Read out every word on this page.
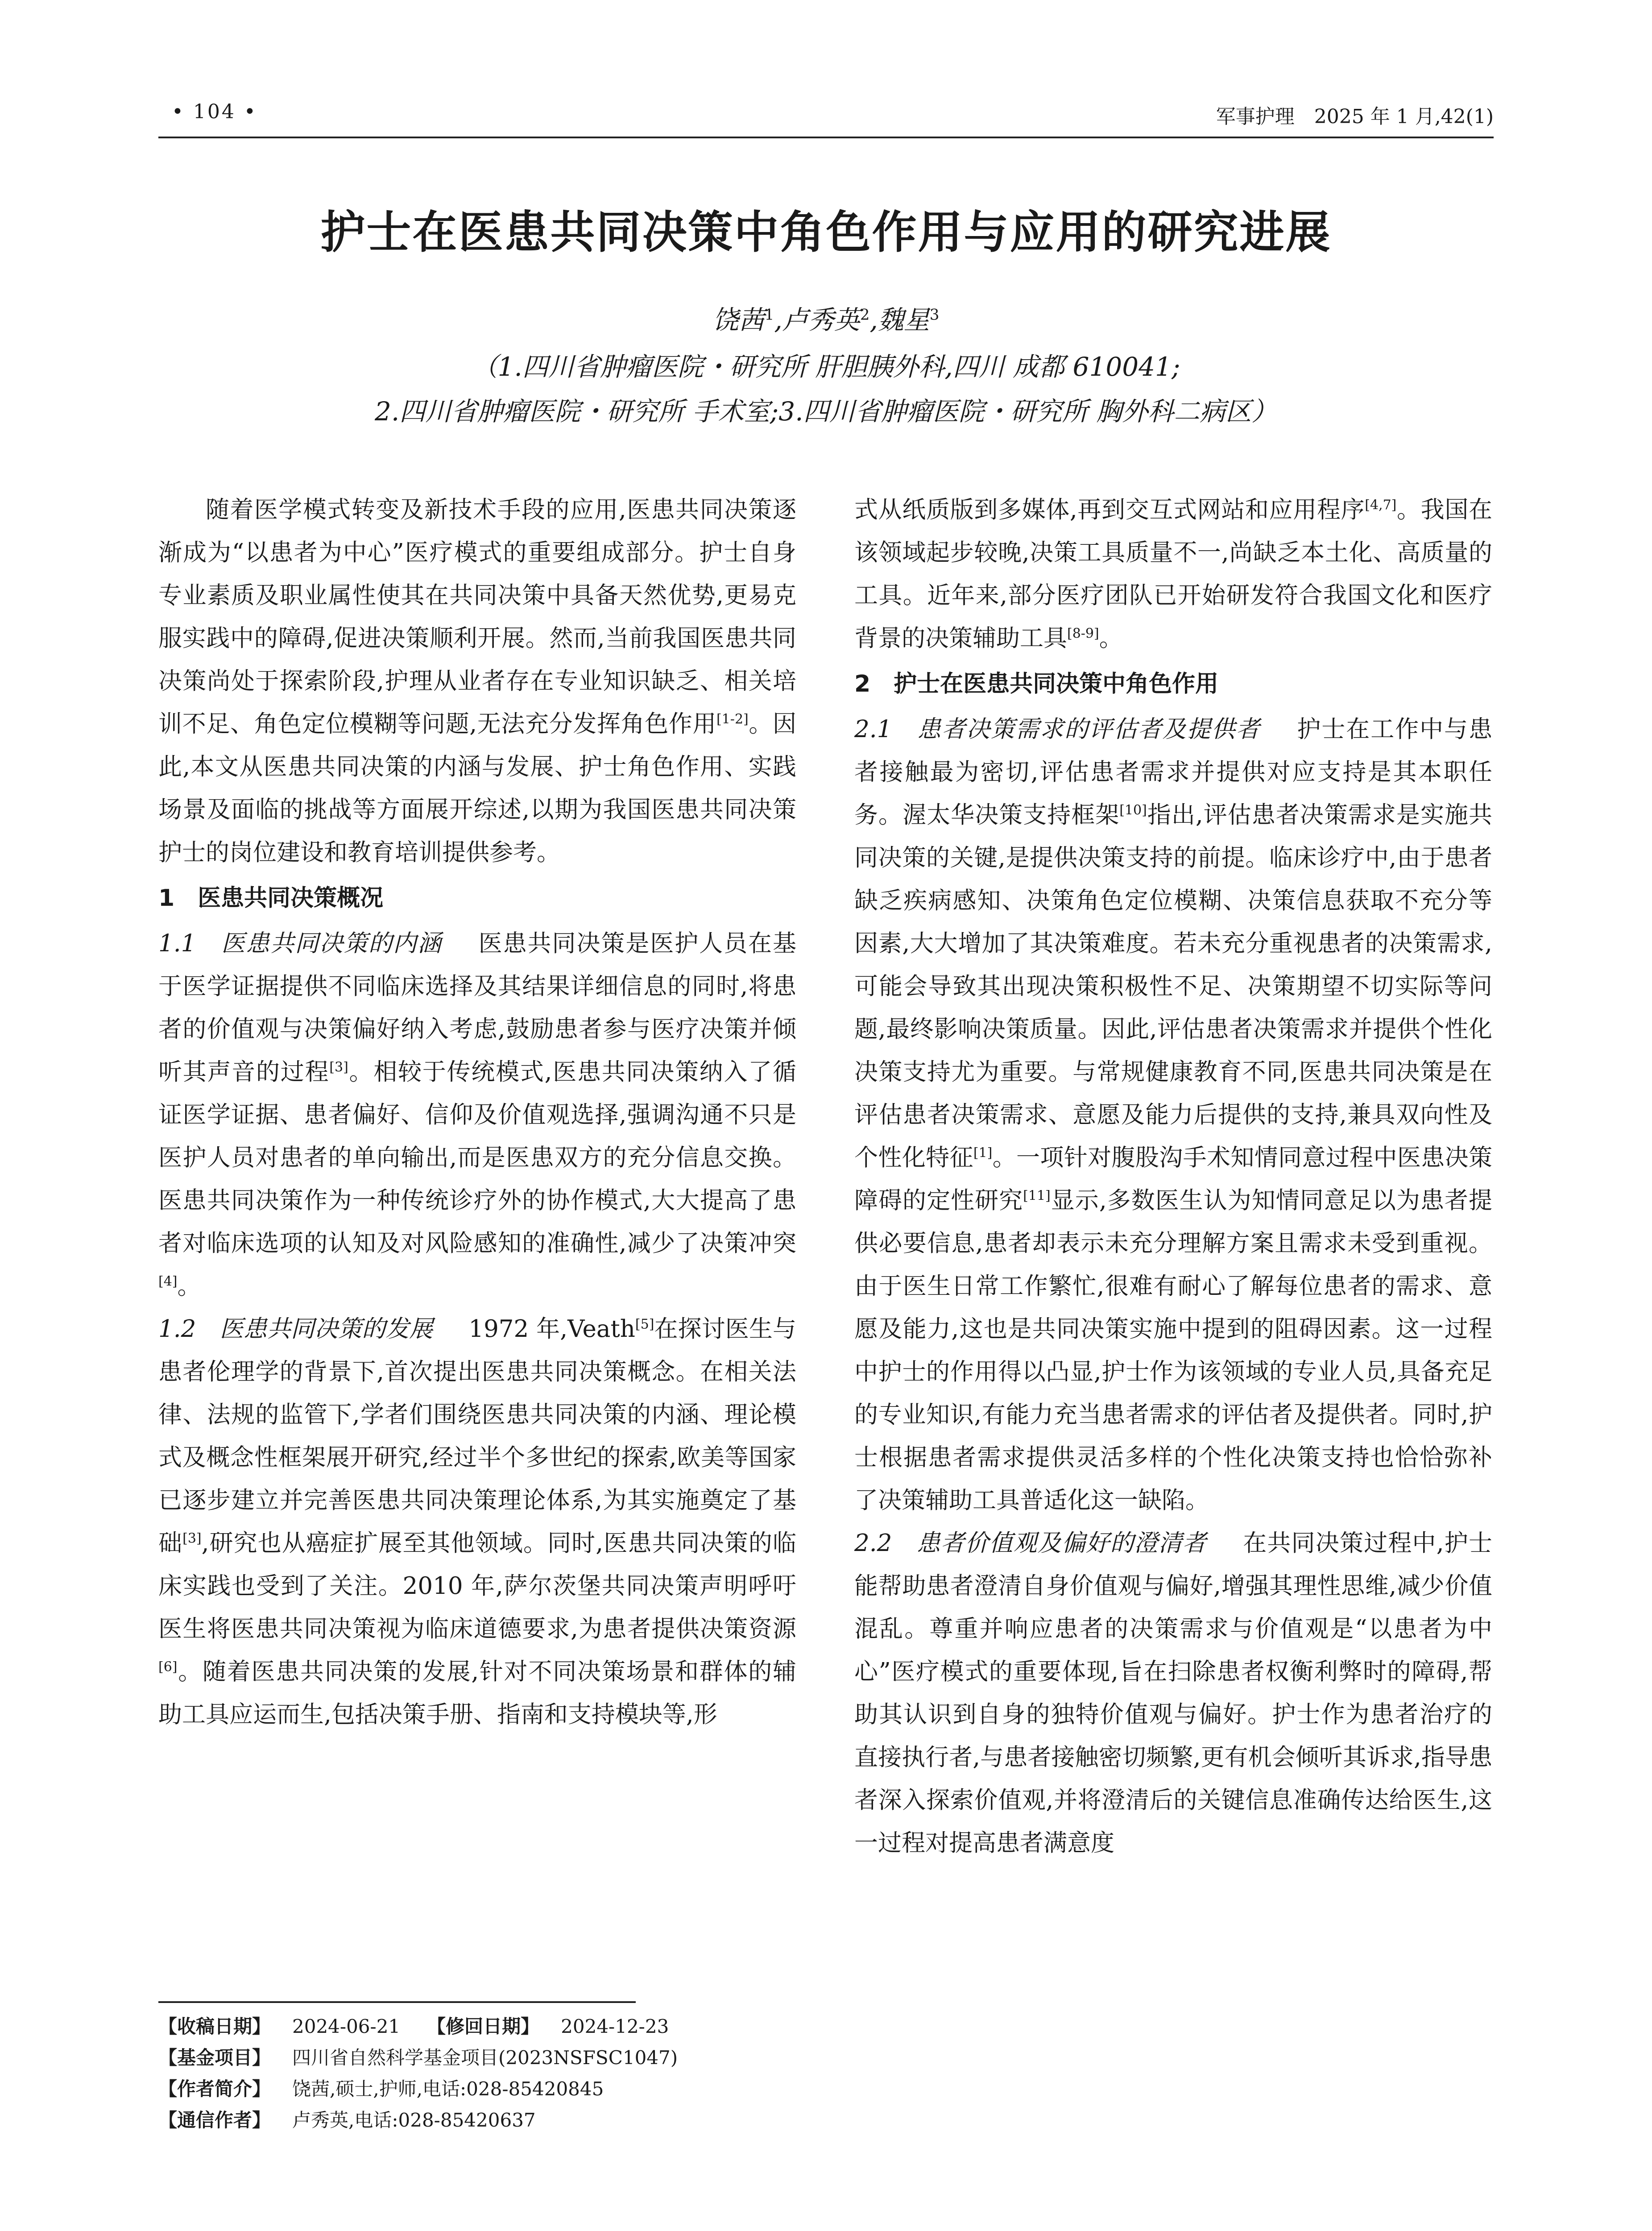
• 104 •	军事护理　2025 年 1 月,42(1)
护士在医患共同决策中角色作用与应用的研究进展
饶茜$^1$,卢秀英$^2$,魏星$^3$
（1.四川省肿瘤医院・研究所 肝胆胰外科,四川 成都 610041;
2.四川省肿瘤医院・研究所 手术室;3.四川省肿瘤医院・研究所 胸外科二病区）

随着医学模式转变及新技术手段的应用,医患共同决策逐渐成为“以患者为中心”医疗模式的重要组成部分。护士自身专业素质及职业属性使其在共同决策中具备天然优势,更易克服实践中的障碍,促进决策顺利开展。然而,当前我国医患共同决策尚处于探索阶段,护理从业者存在专业知识缺乏、相关培训不足、角色定位模糊等问题,无法充分发挥角色作用[1-2]。因此,本文从医患共同决策的内涵与发展、护士角色作用、实践场景及面临的挑战等方面展开综述,以期为我国医患共同决策护士的岗位建设和教育培训提供参考。

1　医患共同决策概况

1.1　医患共同决策的内涵 医患共同决策是医护人员在基于医学证据提供不同临床选择及其结果详细信息的同时,将患者的价值观与决策偏好纳入考虑,鼓励患者参与医疗决策并倾听其声音的过程[3]。相较于传统模式,医患共同决策纳入了循证医学证据、患者偏好、信仰及价值观选择,强调沟通不只是医护人员对患者的单向输出,而是医患双方的充分信息交换。医患共同决策作为一种传统诊疗外的协作模式,大大提高了患者对临床选项的认知及对风险感知的准确性,减少了决策冲突[4]。

1.2　医患共同决策的发展 1972 年,Veath[5]在探讨医生与患者伦理学的背景下,首次提出医患共同决策概念。在相关法律、法规的监管下,学者们围绕医患共同决策的内涵、理论模式及概念性框架展开研究,经过半个多世纪的探索,欧美等国家已逐步建立并完善医患共同决策理论体系,为其实施奠定了基础[3],研究也从癌症扩展至其他领域。同时,医患共同决策的临床实践也受到了关注。2010 年,萨尔茨堡共同决策声明呼吁医生将医患共同决策视为临床道德要求,为患者提供决策资源[6]。随着医患共同决策的发展,针对不同决策场景和群体的辅助工具应运而生,包括决策手册、指南和支持模块等,形

式从纸质版到多媒体,再到交互式网站和应用程序[4,7]。我国在该领域起步较晚,决策工具质量不一,尚缺乏本土化、高质量的工具。近年来,部分医疗团队已开始研发符合我国文化和医疗背景的决策辅助工具[8-9]。

2　护士在医患共同决策中角色作用

2.1　患者决策需求的评估者及提供者 护士在工作中与患者接触最为密切,评估患者需求并提供对应支持是其本职任务。渥太华决策支持框架[10]指出,评估患者决策需求是实施共同决策的关键,是提供决策支持的前提。临床诊疗中,由于患者缺乏疾病感知、决策角色定位模糊、决策信息获取不充分等因素,大大增加了其决策难度。若未充分重视患者的决策需求,可能会导致其出现决策积极性不足、决策期望不切实际等问题,最终影响决策质量。因此,评估患者决策需求并提供个性化决策支持尤为重要。与常规健康教育不同,医患共同决策是在评估患者决策需求、意愿及能力后提供的支持,兼具双向性及个性化特征[1]。一项针对腹股沟手术知情同意过程中医患决策障碍的定性研究[11]显示,多数医生认为知情同意足以为患者提供必要信息,患者却表示未充分理解方案且需求未受到重视。由于医生日常工作繁忙,很难有耐心了解每位患者的需求、意愿及能力,这也是共同决策实施中提到的阻碍因素。这一过程中护士的作用得以凸显,护士作为该领域的专业人员,具备充足的专业知识,有能力充当患者需求的评估者及提供者。同时,护士根据患者需求提供灵活多样的个性化决策支持也恰恰弥补了决策辅助工具普适化这一缺陷。

2.2　患者价值观及偏好的澄清者 在共同决策过程中,护士能帮助患者澄清自身价值观与偏好,增强其理性思维,减少价值混乱。尊重并响应患者的决策需求与价值观是“以患者为中心”医疗模式的重要体现,旨在扫除患者权衡利弊时的障碍,帮助其认识到自身的独特价值观与偏好。护士作为患者治疗的直接执行者,与患者接触密切频繁,更有机会倾听其诉求,指导患者深入探索价值观,并将澄清后的关键信息准确传达给医生,这一过程对提高患者满意度

【收稿日期】 2024-06-21 【修回日期】 2024-12-23
【基金项目】 四川省自然科学基金项目(2023NSFSC1047)
【作者简介】 饶茜,硕士,护师,电话:028-85420845
【通信作者】 卢秀英,电话:028-85420637
